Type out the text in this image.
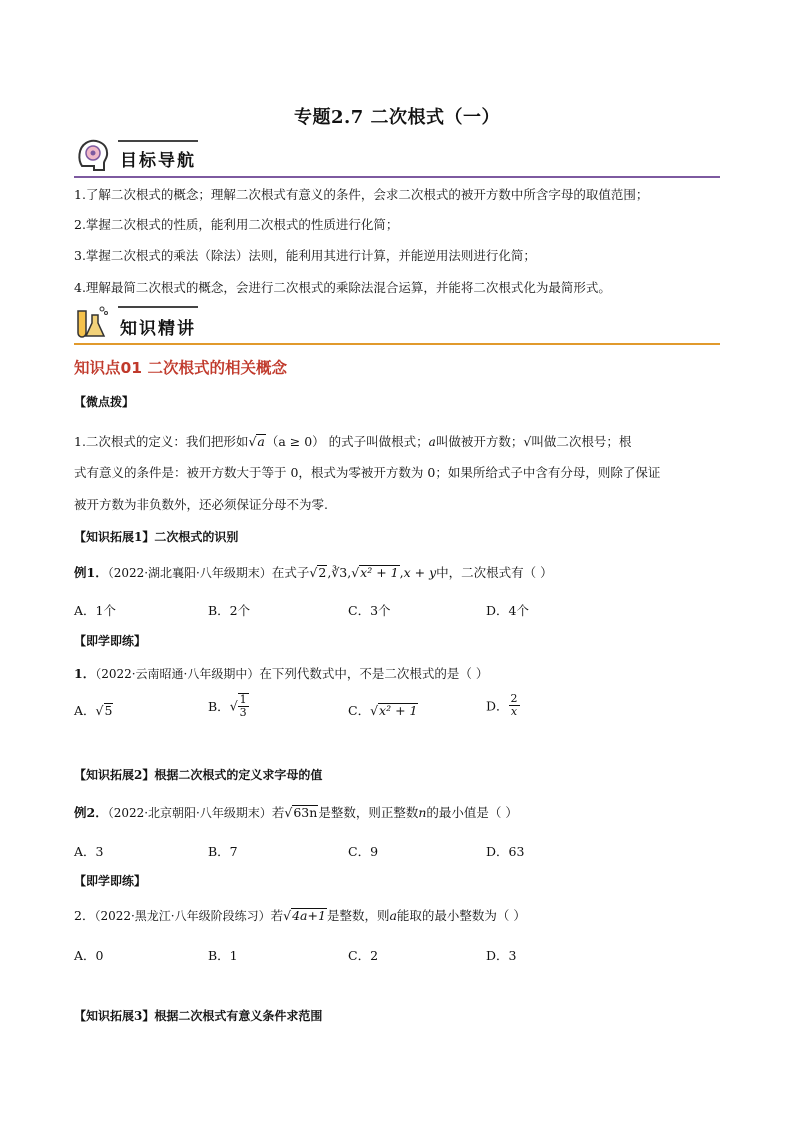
专题2.7 二次根式（一）
目标导航
1.了解二次根式的概念；理解二次根式有意义的条件，会求二次根式的被开方数中所含字母的取值范围；
2.掌握二次根式的性质，能利用二次根式的性质进行化简；
3.掌握二次根式的乘法（除法）法则，能利用其进行计算，并能逆用法则进行化简；
4.理解最简二次根式的概念，会进行二次根式的乘除法混合运算，并能将二次根式化为最简形式。
知识精讲
知识点01 二次根式的相关概念
【微点拨】
1.二次根式的定义：我们把形如√a（a ≥ 0） 的式子叫做根式；a叫做被开方数；√叫做二次根号；根
式有意义的条件是：被开方数大于等于 0，根式为零被开方数为 0；如果所给式子中含有分母，则除了保证
被开方数为非负数外，还必须保证分母不为零.
【知识拓展1】二次根式的识别
例1．（2022·湖北襄阳·八年级期末）在式子√2,∛3,√x² + 1,x + y中，二次根式有（ ）
A．1个	B．2个	C．3个	D．4个
【即学即练】
1．（2022·云南昭通·八年级期中）在下列代数式中，不是二次根式的是（ ）
A．√5	B．√ $\frac{1}{3}$	C．√x² + 1	D． $\frac{2}{x}$
【知识拓展2】根据二次根式的定义求字母的值
例2．（2022·北京朝阳·八年级期末）若√63n是整数，则正整数n的最小值是（ ）
A．3	B．7	C．9	D．63
【即学即练】
2．（2022·黑龙江·八年级阶段练习）若√4a+1是整数，则a能取的最小整数为（ ）
A．0	B．1	C．2	D．3
【知识拓展3】根据二次根式有意义条件求范围
